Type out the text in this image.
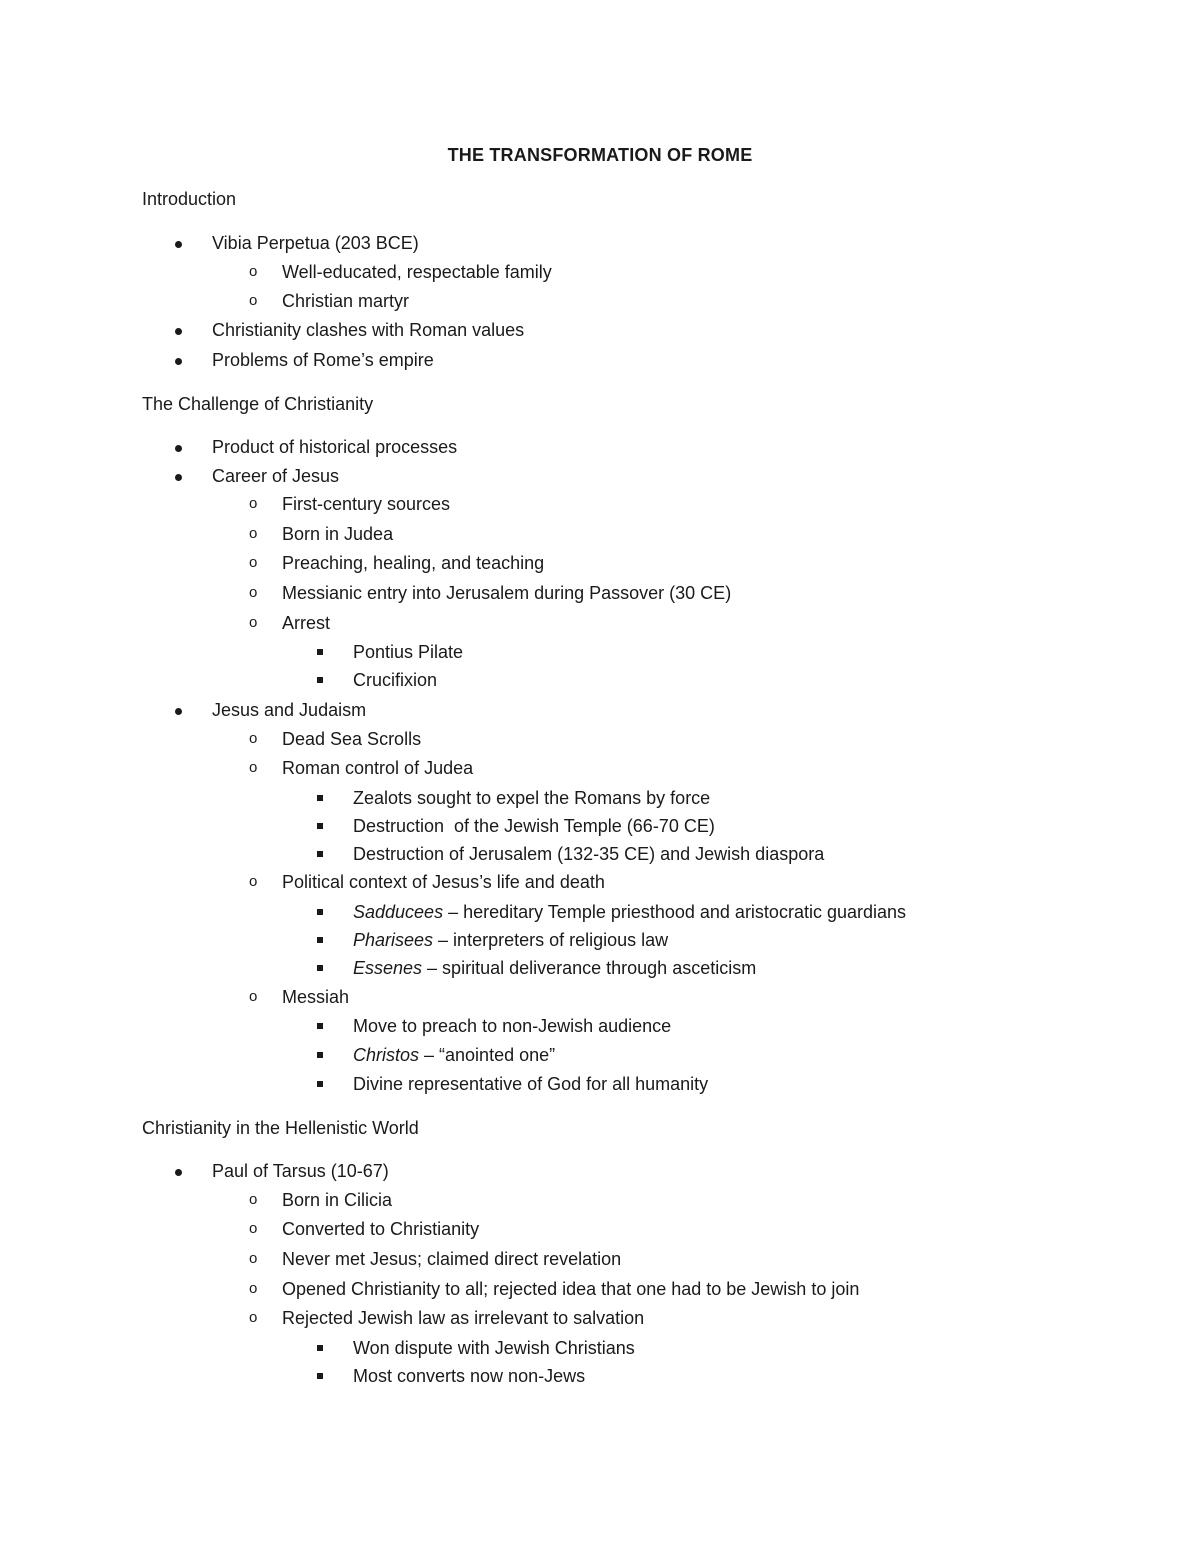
THE TRANSFORMATION OF ROME
Introduction
Vibia Perpetua (203 BCE)
o Well-educated, respectable family
o Christian martyr
Christianity clashes with Roman values
Problems of Rome’s empire
The Challenge of Christianity
Product of historical processes
Career of Jesus
o First-century sources
o Born in Judea
o Preaching, healing, and teaching
o Messianic entry into Jerusalem during Passover (30 CE)
o Arrest
Pontius Pilate
Crucifixion
Jesus and Judaism
o Dead Sea Scrolls
o Roman control of Judea
Zealots sought to expel the Romans by force
Destruction  of the Jewish Temple (66-70 CE)
Destruction of Jerusalem (132-35 CE) and Jewish diaspora
o Political context of Jesus’s life and death
Sadducees – hereditary Temple priesthood and aristocratic guardians
Pharisees – interpreters of religious law
Essenes – spiritual deliverance through asceticism
o Messiah
Move to preach to non-Jewish audience
Christos – “anointed one”
Divine representative of God for all humanity
Christianity in the Hellenistic World
Paul of Tarsus (10-67)
o Born in Cilicia
o Converted to Christianity
o Never met Jesus; claimed direct revelation
o Opened Christianity to all; rejected idea that one had to be Jewish to join
o Rejected Jewish law as irrelevant to salvation
Won dispute with Jewish Christians
Most converts now non-Jews
